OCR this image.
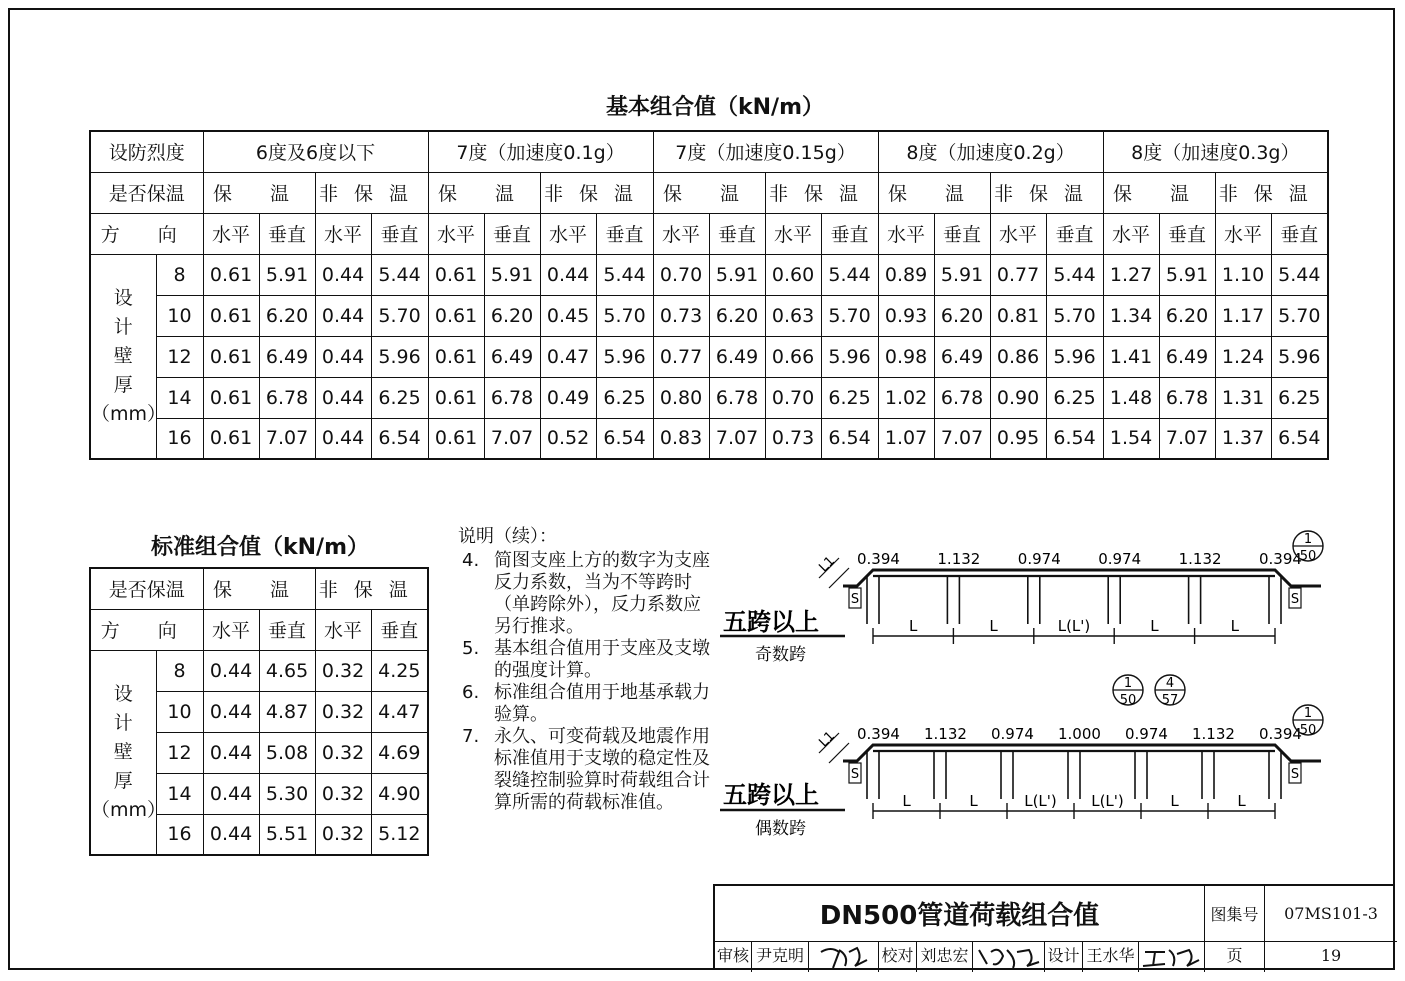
基本组合值（kN/m）
设防烈度		6度及6度以下				7度（加速度0.1g）				7度（加速度0.15g）				8度（加速度0.2g）				8度（加速度0.3g）			
是否保温		保 温		非保温		保 温		非保温		保 温		非保温		保 温		非保温		保 温		非保温	
方 向		水平	垂直	水平	垂直	水平	垂直	水平	垂直	水平	垂直	水平	垂直	水平	垂直	水平	垂直	水平	垂直	水平	垂直

设
计
壁
厚
（mm）	8	0.61	5.91	0.44	5.44	0.61	5.91	0.44	5.44	0.70	5.91	0.60	5.44	0.89	5.91	0.77	5.44	1.27	5.91	1.10	5.44
	10	0.61	6.20	0.44	5.70	0.61	6.20	0.45	5.70	0.73	6.20	0.63	5.70	0.93	6.20	0.81	5.70	1.34	6.20	1.17	5.70
	12	0.61	6.49	0.44	5.96	0.61	6.49	0.47	5.96	0.77	6.49	0.66	5.96	0.98	6.49	0.86	5.96	1.41	6.49	1.24	5.96
	14	0.61	6.78	0.44	6.25	0.61	6.78	0.49	6.25	0.80	6.78	0.70	6.25	1.02	6.78	0.90	6.25	1.48	6.78	1.31	6.25
	16	0.61	7.07	0.44	6.54	0.61	7.07	0.52	6.54	0.83	7.07	0.73	6.54	1.07	7.07	0.95	6.54	1.54	7.07	1.37	6.54
标准组合值（kN/m）
是否保温		保 温		非保温	
方 向		水平	垂直	水平	垂直

设
计
壁
厚
（mm）	8	0.44	4.65	0.32	4.25
	10	0.44	4.87	0.32	4.47
	12	0.44	5.08	0.32	4.69
	14	0.44	5.30	0.32	4.90
	16	0.44	5.51	0.32	5.12
说明（续）：
4. 简图支座上方的数字为支座反力系数，当为不等跨时（单跨除外），反力系数应另行推求。
5. 基本组合值用于支座及支墩的强度计算。
6. 标准组合值用于地基承载力验算。
7. 永久、可变荷载及地震作用标准值用于支墩的稳定性及裂缝控制验算时荷载组合计算所需的荷载标准值。
五跨以上
奇数跨
0.394 1.132 0.974 0.974 1.132 0.394
L	L	L(L')	L	L
S	S
L1
1
50
五跨以上
偶数跨
0.394 1.132 0.974 1.000 0.974 1.132 0.394
L	L	L(L') L(L')	L	L
S	S
L1
1
50
4
57
1
50
DN500管道荷载组合值	图集号	07MS101-3
审核 尹克明	校对 刘忠宏	设计 王水华	页	19
